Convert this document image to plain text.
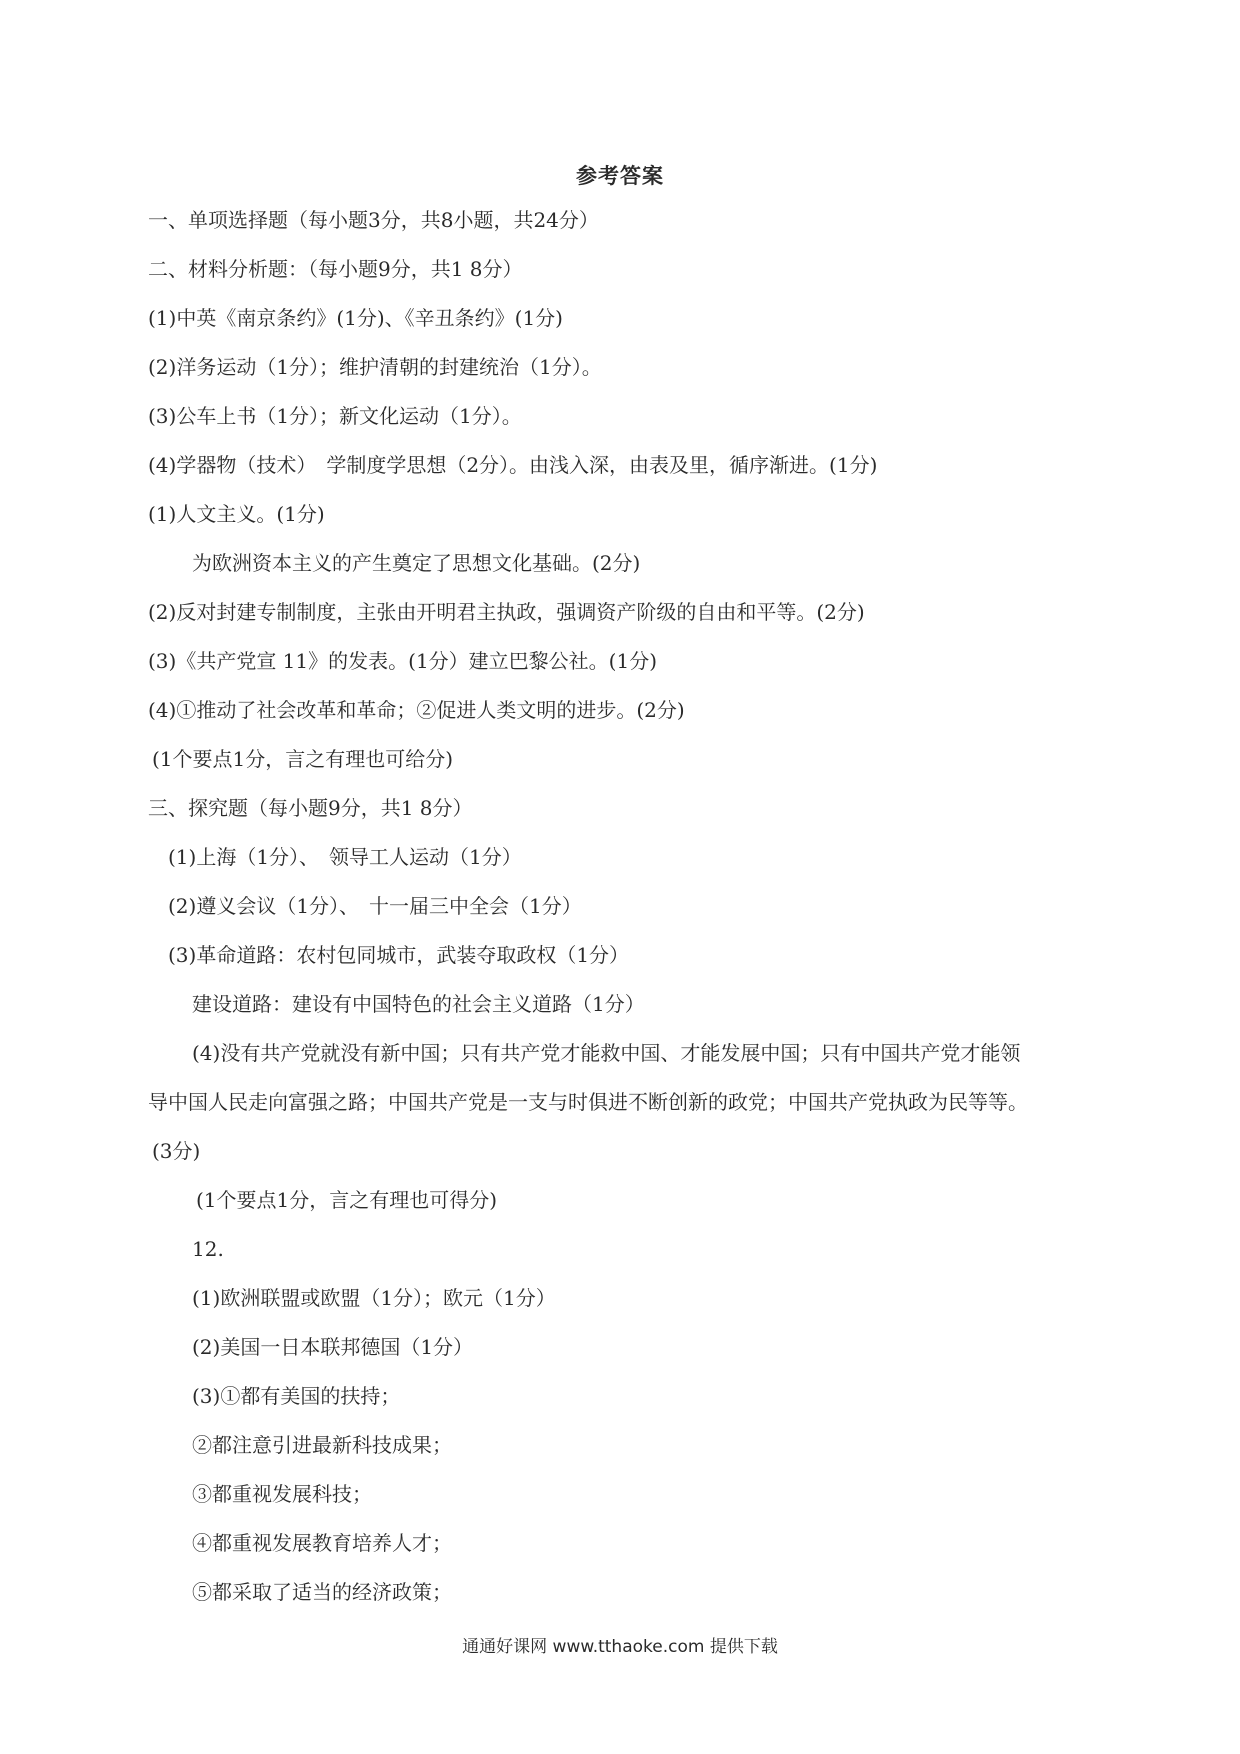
参考答案
一、单项选择题（每小题3分，共8小题，共24分）
二、材料分析题：（每小题9分，共1 8分）
(1)中英《南京条约》(1分)、《辛丑条约》(1分)
(2)洋务运动（1分）；维护清朝的封建统治（1分）。
(3)公车上书（1分）；新文化运动（1分）。
(4)学器物（技术）　学制度学思想（2分）。由浅入深，由表及里，循序渐进。(1分)
(1)人文主义。(1分)
为欧洲资本主义的产生奠定了思想文化基础。(2分)
(2)反对封建专制制度，主张由开明君主执政，强调资产阶级的自由和平等。(2分)
(3)《共产党宣 11》的发表。(1分）建立巴黎公社。(1分)
(4)①推动了社会改革和革命；②促进人类文明的进步。(2分)
(1个要点1分，言之有理也可给分)
三、探究题（每小题9分，共1 8分）
(1)上海（1分）、　领导工人运动（1分）
(2)遵义会议（1分）、　十一届三中全会（1分）
(3)革命道路：农村包同城市，武装夺取政权（1分）
建设道路：建设有中国特色的社会主义道路（1分）
(4)没有共产党就没有新中国；只有共产党才能救中国、才能发展中国；只有中国共产党才能领
导中国人民走向富强之路；中国共产党是一支与时俱进不断创新的政党；中国共产党执政为民等等。
(3分)
(1个要点1分，言之有理也可得分)
12.
(1)欧洲联盟或欧盟（1分）；欧元（1分）
(2)美国一日本联邦德国（1分）
(3)①都有美国的扶持；
②都注意引进最新科技成果；
③都重视发展科技；
④都重视发展教育培养人才；
⑤都采取了适当的经济政策；
通通好课网 www.tthaoke.com 提供下载
